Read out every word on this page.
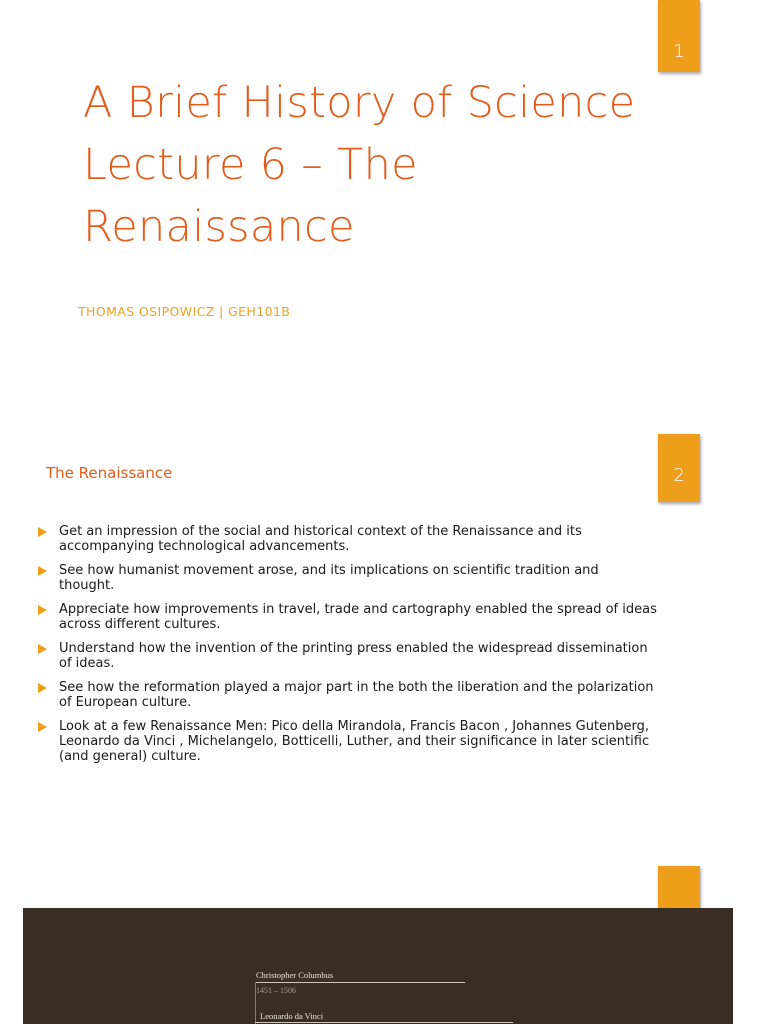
1
A Brief History of Science
Lecture 6 – The
Renaissance
THOMAS OSIPOWICZ | GEH101B
2
The Renaissance
Get an impression of the social and historical context of the Renaissance and its accompanying technological advancements.
See how humanist movement arose, and its implications on scientific tradition and thought.
Appreciate how improvements in travel, trade and cartography enabled the spread of ideas across different cultures.
Understand how the invention of the printing press enabled the widespread dissemination of ideas.
See how the reformation played a major part in the both the liberation and the polarization of European culture.
Look at a few Renaissance Men: Pico della Mirandola, Francis Bacon , Johannes Gutenberg, Leonardo da Vinci , Michelangelo, Botticelli, Luther, and their significance in later scientific (and general) culture.
Christopher Columbus
1451 – 1506
Leonardo da Vinci
